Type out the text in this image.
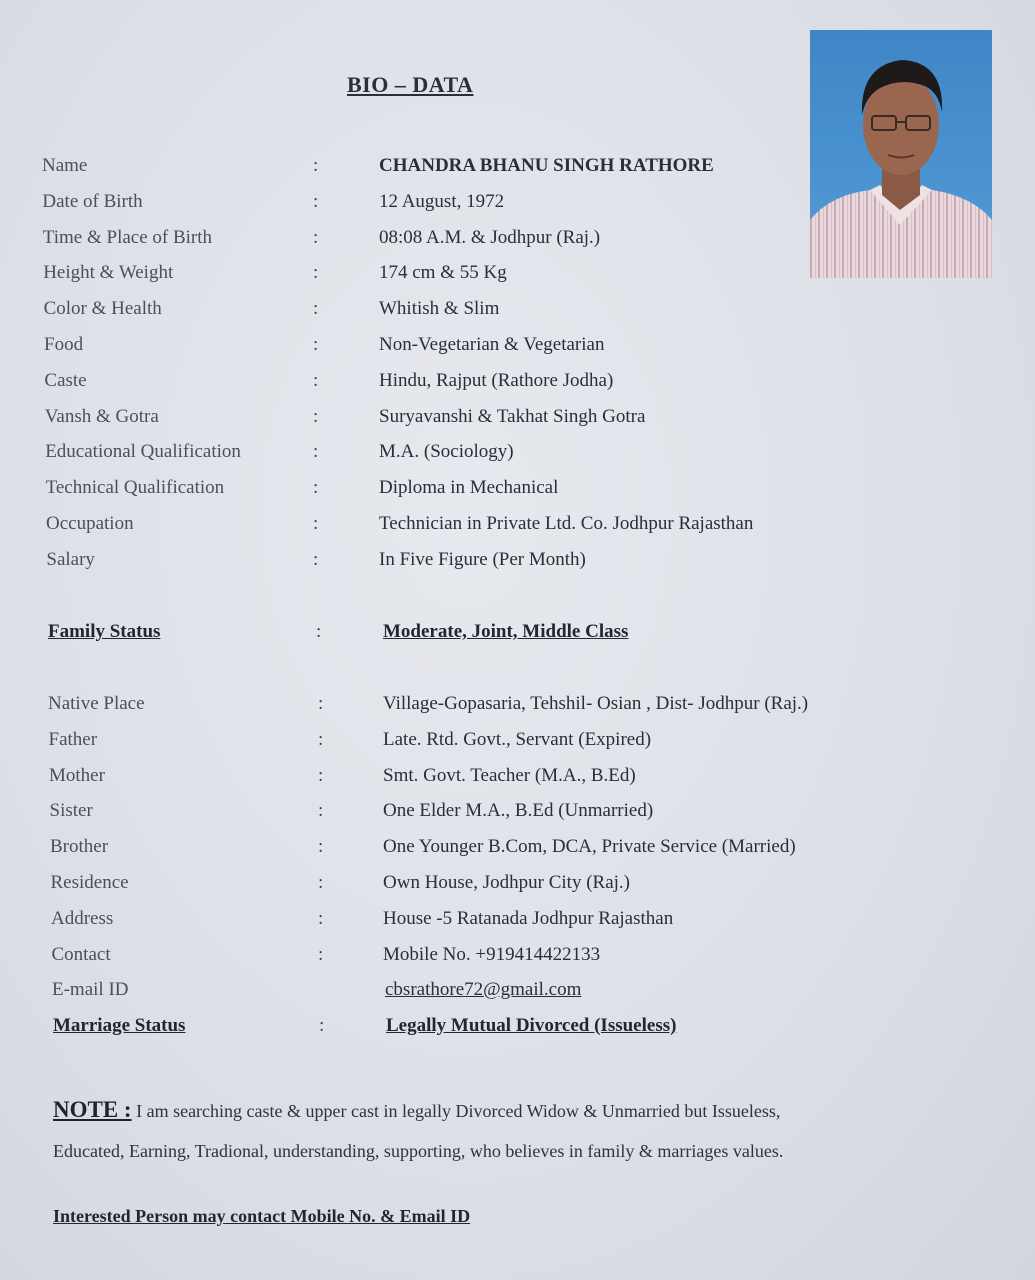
BIO – DATA
Name	:	CHANDRA BHANU SINGH RATHORE
Date of Birth	:	12 August, 1972
Time & Place of Birth	:	08:08 A.M. & Jodhpur (Raj.)
Height & Weight	:	174 cm & 55 Kg
Color & Health	:	Whitish & Slim
Food	:	Non-Vegetarian & Vegetarian
Caste	:	Hindu, Rajput (Rathore Jodha)
Vansh & Gotra	:	Suryavanshi & Takhat Singh Gotra
Educational Qualification	:	M.A. (Sociology)
Technical Qualification	:	Diploma in Mechanical
Occupation	:	Technician in Private Ltd. Co. Jodhpur Rajasthan
Salary	:	In Five Figure (Per Month)
Family Status	:	Moderate, Joint, Middle Class
Native Place	:	Village-Gopasaria, Tehshil- Osian , Dist- Jodhpur (Raj.)
Father	:	Late. Rtd. Govt., Servant (Expired)
Mother	:	Smt. Govt. Teacher (M.A., B.Ed)
Sister	:	One Elder M.A., B.Ed (Unmarried)
Brother	:	One Younger B.Com, DCA, Private Service (Married)
Residence	:	Own House, Jodhpur City (Raj.)
Address	:	House -5 Ratanada Jodhpur Rajasthan
Contact	:	Mobile No. +919414422133
E-mail ID	cbsrathore72@gmail.com
Marriage Status	:	Legally Mutual Divorced (Issueless)
NOTE : I am searching caste & upper cast in legally Divorced Widow & Unmarried but Issueless,
Educated, Earning, Tradional, understanding, supporting, who believes in family & marriages values.
Interested Person may contact Mobile No. & Email ID
